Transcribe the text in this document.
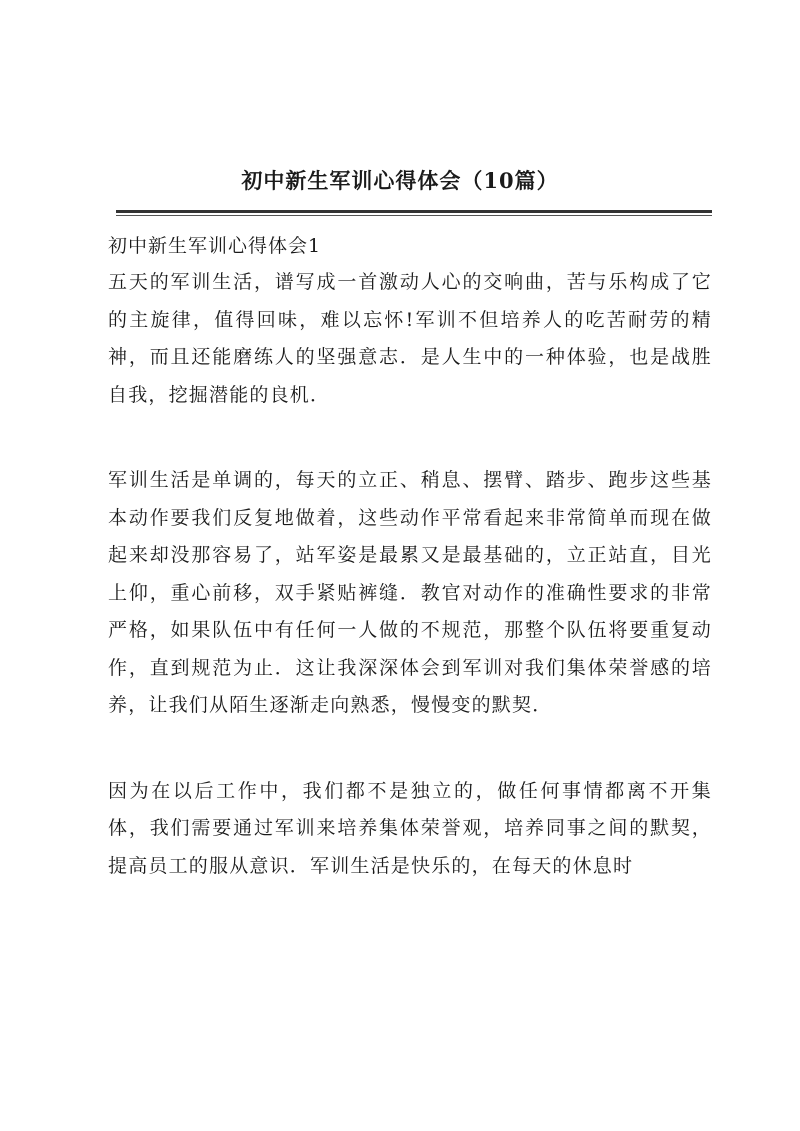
初中新生军训心得体会（10篇）

初中新生军训心得体会1

五天的军训生活，谱写成一首激动人心的交响曲，苦与乐构成了它的主旋律，值得回味，难以忘怀!军训不但培养人的吃苦耐劳的精神，而且还能磨练人的坚强意志．是人生中的一种体验，也是战胜自我，挖掘潜能的良机．

军训生活是单调的，每天的立正、稍息、摆臂、踏步、跑步这些基本动作要我们反复地做着，这些动作平常看起来非常简单而现在做起来却没那容易了，站军姿是最累又是最基础的，立正站直，目光上仰，重心前移，双手紧贴裤缝．教官对动作的准确性要求的非常严格，如果队伍中有任何一人做的不规范，那整个队伍将要重复动作，直到规范为止．这让我深深体会到军训对我们集体荣誉感的培养，让我们从陌生逐渐走向熟悉，慢慢变的默契．

因为在以后工作中，我们都不是独立的，做任何事情都离不开集体，我们需要通过军训来培养集体荣誉观，培养同事之间的默契，提高员工的服从意识．军训生活是快乐的，在每天的休息时
